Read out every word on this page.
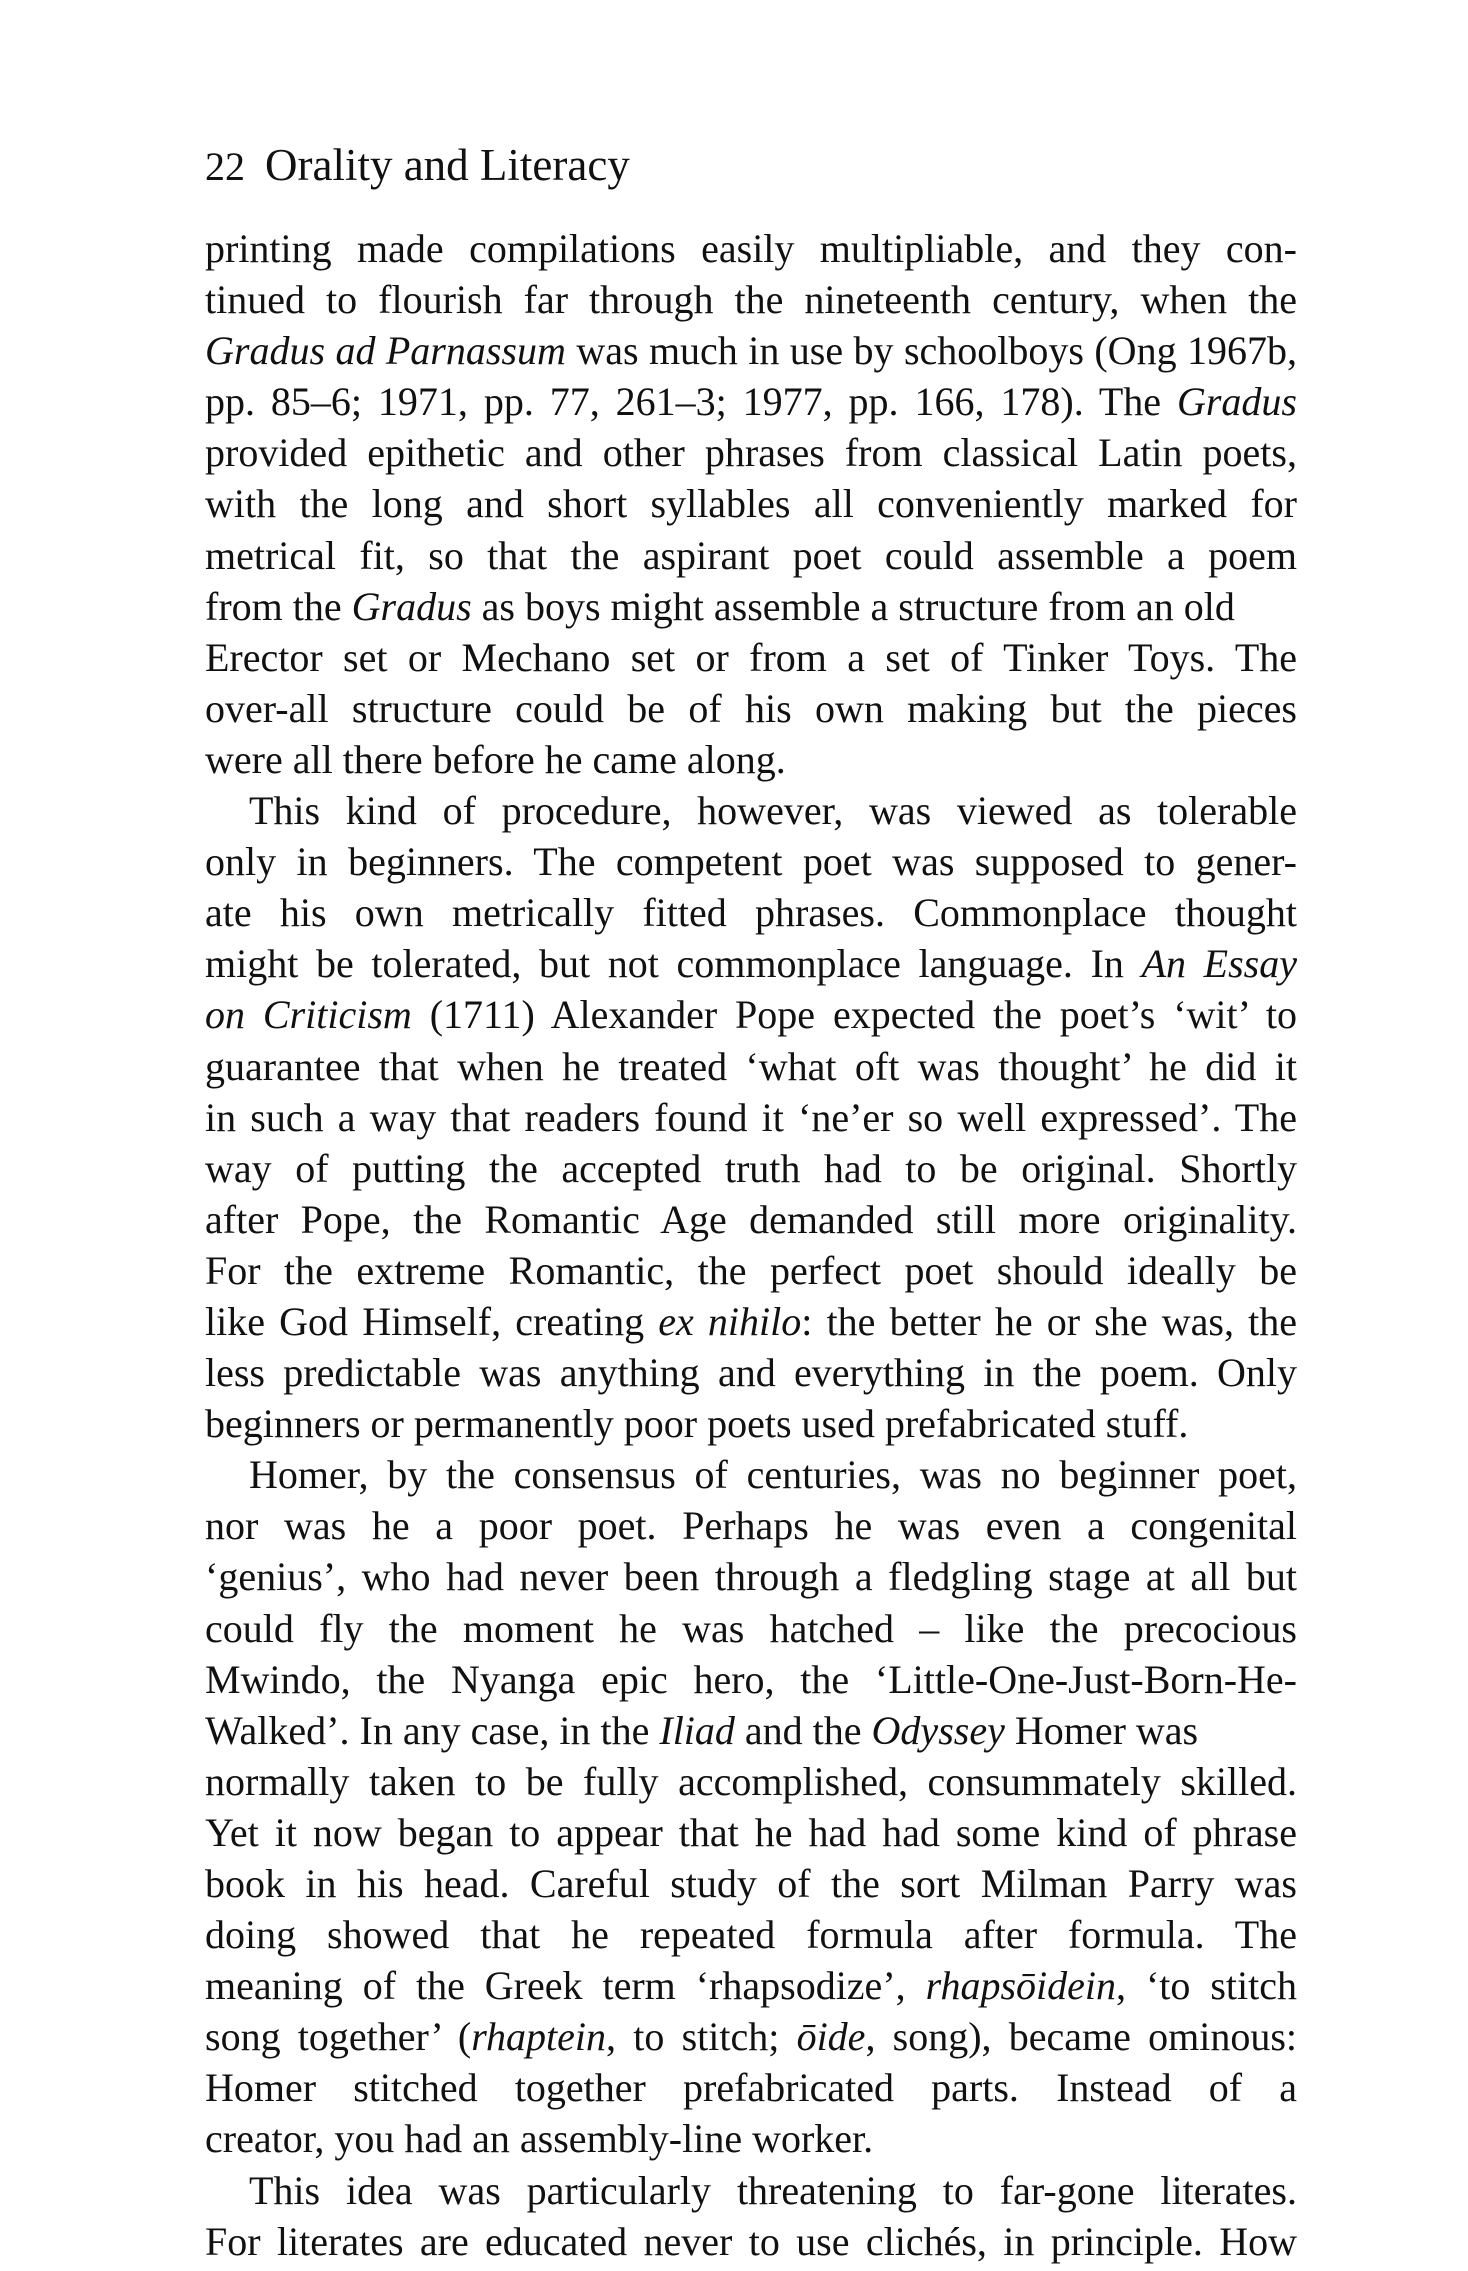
22 Orality and Literacy
printing made compilations easily multipliable, and they con-
tinued to flourish far through the nineteenth century, when the
Gradus ad Parnassum was much in use by schoolboys (Ong 1967b,
pp. 85–6; 1971, pp. 77, 261–3; 1977, pp. 166, 178). The Gradus
provided epithetic and other phrases from classical Latin poets,
with the long and short syllables all conveniently marked for
metrical fit, so that the aspirant poet could assemble a poem
from the Gradus as boys might assemble a structure from an old
Erector set or Mechano set or from a set of Tinker Toys. The
over-all structure could be of his own making but the pieces
were all there before he came along.
This kind of procedure, however, was viewed as tolerable
only in beginners. The competent poet was supposed to gener-
ate his own metrically fitted phrases. Commonplace thought
might be tolerated, but not commonplace language. In An Essay
on Criticism (1711) Alexander Pope expected the poet’s ‘wit’ to
guarantee that when he treated ‘what oft was thought’ he did it
in such a way that readers found it ‘ne’er so well expressed’. The
way of putting the accepted truth had to be original. Shortly
after Pope, the Romantic Age demanded still more originality.
For the extreme Romantic, the perfect poet should ideally be
like God Himself, creating ex nihilo: the better he or she was, the
less predictable was anything and everything in the poem. Only
beginners or permanently poor poets used prefabricated stuff.
Homer, by the consensus of centuries, was no beginner poet,
nor was he a poor poet. Perhaps he was even a congenital
‘genius’, who had never been through a fledgling stage at all but
could fly the moment he was hatched – like the precocious
Mwindo, the Nyanga epic hero, the ‘Little-One-Just-Born-He-
Walked’. In any case, in the Iliad and the Odyssey Homer was
normally taken to be fully accomplished, consummately skilled.
Yet it now began to appear that he had had some kind of phrase
book in his head. Careful study of the sort Milman Parry was
doing showed that he repeated formula after formula. The
meaning of the Greek term ‘rhapsodize’, rhapsōidein, ‘to stitch
song together’ (rhaptein, to stitch; ōide, song), became ominous:
Homer stitched together prefabricated parts. Instead of a
creator, you had an assembly-line worker.
This idea was particularly threatening to far-gone literates.
For literates are educated never to use clichés, in principle. How
